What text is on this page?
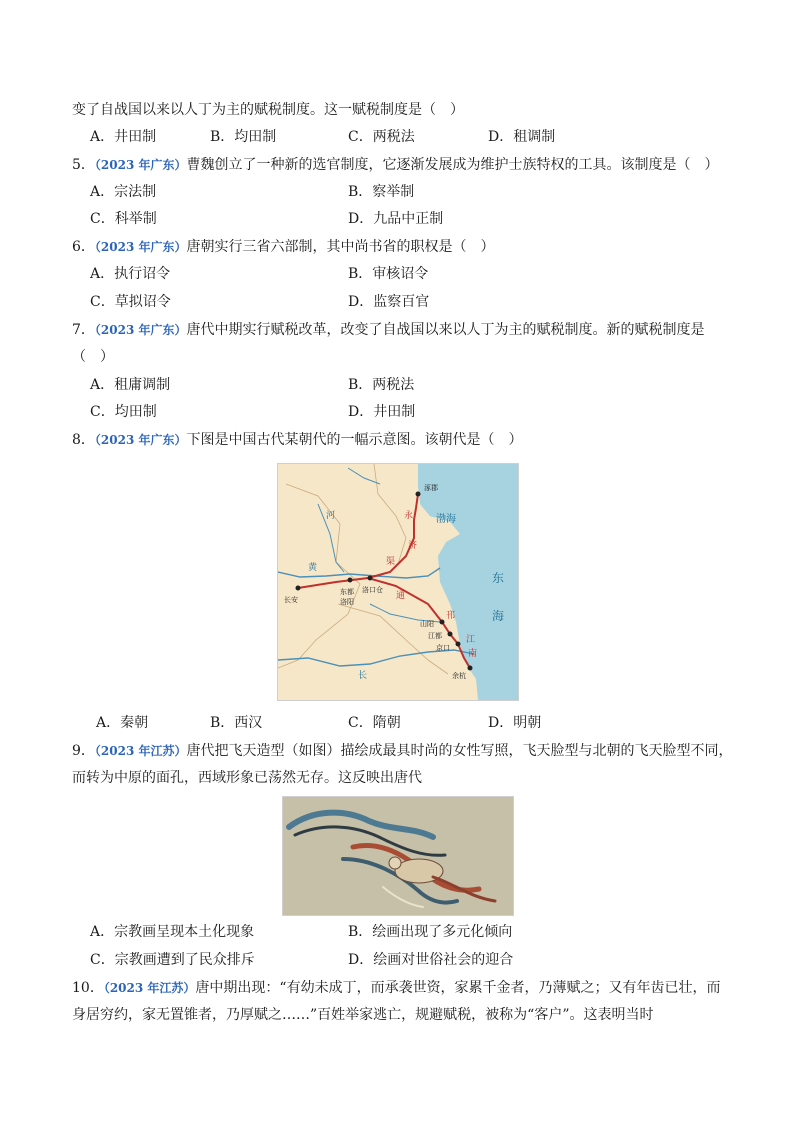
变了自战国以来以人丁为主的赋税制度。这一赋税制度是（　）
A．井田制	B．均田制	C．两税法	D．租调制
5．（2023 年广东）曹魏创立了一种新的选官制度，它逐渐发展成为维护士族特权的工具。该制度是（　）
A．宗法制	B．察举制
C．科举制	D．九品中正制
6．（2023 年广东）唐朝实行三省六部制，其中尚书省的职权是（　）
A．执行诏令	B．审核诏令
C．草拟诏令	D．监察百官
7．（2023 年广东）唐代中期实行赋税改革，改变了自战国以来以人丁为主的赋税制度。新的赋税制度是
（　）
A．租庸调制	B．两税法
C．均田制	D．井田制
8．（2023 年广东）下图是中国古代某朝代的一幅示意图。该朝代是（　）
渤海
东
海
涿郡
长安
东都
洛阳
洛口仓
山阳
江都
京口
余杭
永
济
渠
通
邗
江
南
河
黄
长
A．秦朝	B．西汉	C．隋朝	D．明朝
9．（2023 年江苏）唐代把飞天造型（如图）描绘成最具时尚的女性写照，飞天脸型与北朝的飞天脸型不同，
而转为中原的面孔，西域形象已荡然无存。这反映出唐代
A．宗教画呈现本土化现象	B．绘画出现了多元化倾向
C．宗教画遭到了民众排斥	D．绘画对世俗社会的迎合
10．（2023 年江苏）唐中期出现：“有幼未成丁，而承袭世资，家累千金者，乃薄赋之；又有年齿已壮，而
身居穷约，家无置锥者，乃厚赋之……”百姓举家逃亡，规避赋税，被称为“客户”。这表明当时
